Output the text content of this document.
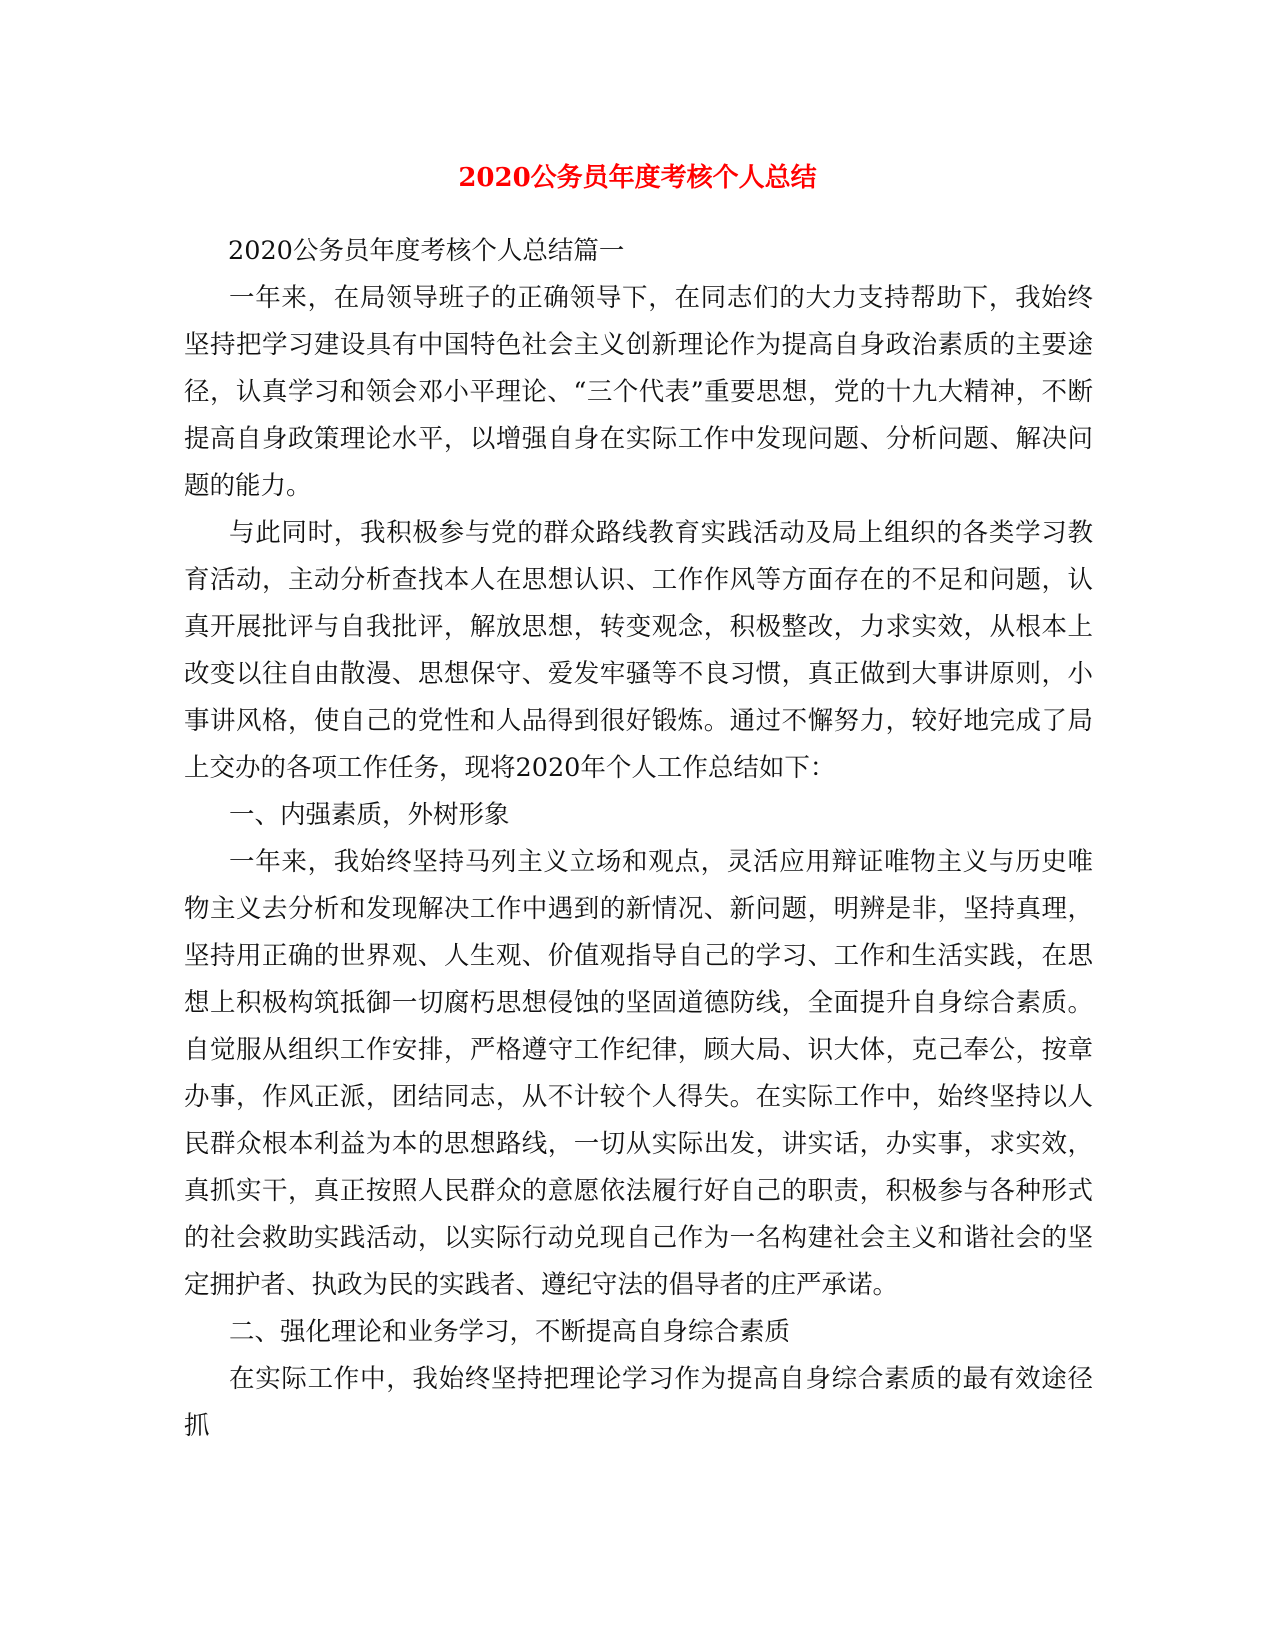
2020公务员年度考核个人总结

2020公务员年度考核个人总结篇一

一年来，在局领导班子的正确领导下，在同志们的大力支持帮助下，我始终坚持把学习建设具有中国特色社会主义创新理论作为提高自身政治素质的主要途径，认真学习和领会邓小平理论、“三个代表”重要思想，党的十九大精神，不断提高自身政策理论水平，以增强自身在实际工作中发现问题、分析问题、解决问题的能力。

与此同时，我积极参与党的群众路线教育实践活动及局上组织的各类学习教育活动，主动分析查找本人在思想认识、工作作风等方面存在的不足和问题，认真开展批评与自我批评，解放思想，转变观念，积极整改，力求实效，从根本上改变以往自由散漫、思想保守、爱发牢骚等不良习惯，真正做到大事讲原则，小事讲风格，使自己的党性和人品得到很好锻炼。通过不懈努力，较好地完成了局上交办的各项工作任务，现将2020年个人工作总结如下：

一、内强素质，外树形象

一年来，我始终坚持马列主义立场和观点，灵活应用辩证唯物主义与历史唯物主义去分析和发现解决工作中遇到的新情况、新问题，明辨是非，坚持真理，坚持用正确的世界观、人生观、价值观指导自己的学习、工作和生活实践，在思想上积极构筑抵御一切腐朽思想侵蚀的坚固道德防线，全面提升自身综合素质。自觉服从组织工作安排，严格遵守工作纪律，顾大局、识大体，克己奉公，按章办事，作风正派，团结同志，从不计较个人得失。在实际工作中，始终坚持以人民群众根本利益为本的思想路线，一切从实际出发，讲实话，办实事，求实效，真抓实干，真正按照人民群众的意愿依法履行好自己的职责，积极参与各种形式的社会救助实践活动，以实际行动兑现自己作为一名构建社会主义和谐社会的坚定拥护者、执政为民的实践者、遵纪守法的倡导者的庄严承诺。

二、强化理论和业务学习，不断提高自身综合素质

在实际工作中，我始终坚持把理论学习作为提高自身综合素质的最有效途径抓
